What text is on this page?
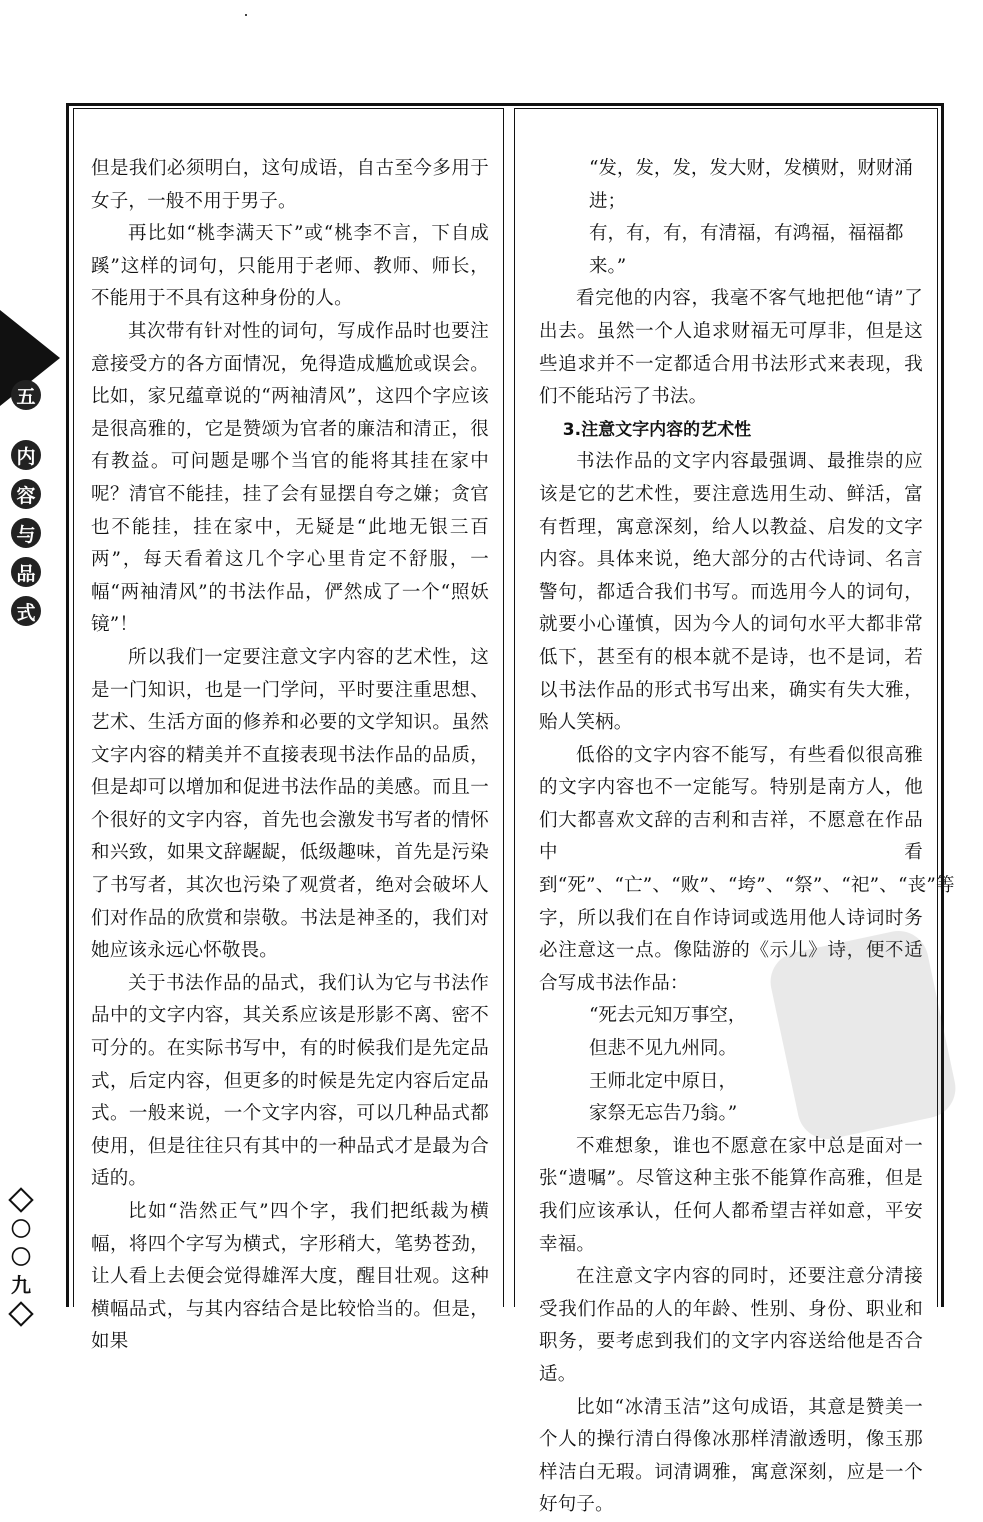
五
内
容
与
品
式
〇
〇
九

但是我们必须明白，这句成语，自古至今多用于女子，一般不用于男子。

再比如“桃李满天下”或“桃李不言，下自成蹊”这样的词句，只能用于老师、教师、师长，不能用于不具有这种身份的人。

其次带有针对性的词句，写成作品时也要注意接受方的各方面情况，免得造成尴尬或误会。比如，家兄蕴章说的“两袖清风”，这四个字应该是很高雅的，它是赞颂为官者的廉洁和清正，很有教益。可问题是哪个当官的能将其挂在家中呢？清官不能挂，挂了会有显摆自夸之嫌；贪官也不能挂，挂在家中，无疑是“此地无银三百两”，每天看着这几个字心里肯定不舒服，一幅“两袖清风”的书法作品，俨然成了一个“照妖镜”！

所以我们一定要注意文字内容的艺术性，这是一门知识，也是一门学问，平时要注重思想、艺术、生活方面的修养和必要的文学知识。虽然文字内容的精美并不直接表现书法作品的品质，但是却可以增加和促进书法作品的美感。而且一个很好的文字内容，首先也会激发书写者的情怀和兴致，如果文辞龌龊，低级趣味，首先是污染了书写者，其次也污染了观赏者，绝对会破坏人们对作品的欣赏和崇敬。书法是神圣的，我们对她应该永远心怀敬畏。

关于书法作品的品式，我们认为它与书法作品中的文字内容，其关系应该是形影不离、密不可分的。在实际书写中，有的时候我们是先定品式，后定内容，但更多的时候是先定内容后定品式。一般来说，一个文字内容，可以几种品式都使用，但是往往只有其中的一种品式才是最为合适的。

比如“浩然正气”四个字，我们把纸裁为横幅，将四个字写为横式，字形稍大，笔势苍劲，让人看上去便会觉得雄浑大度，醒目壮观。这种横幅品式，与其内容结合是比较恰当的。但是，如果

“发，发，发，发大财，发横财，财财涌进；

有，有，有，有清福，有鸿福，福福都来。”

看完他的内容，我毫不客气地把他“请”了出去。虽然一个人追求财福无可厚非，但是这些追求并不一定都适合用书法形式来表现，我们不能玷污了书法。

3.注意文字内容的艺术性

书法作品的文字内容最强调、最推崇的应该是它的艺术性，要注意选用生动、鲜活，富有哲理，寓意深刻，给人以教益、启发的文字内容。具体来说，绝大部分的古代诗词、名言警句，都适合我们书写。而选用今人的词句，就要小心谨慎，因为今人的词句水平大都非常低下，甚至有的根本就不是诗，也不是词，若以书法作品的形式书写出来，确实有失大雅，贻人笑柄。

低俗的文字内容不能写，有些看似很高雅的文字内容也不一定能写。特别是南方人，他们大都喜欢文辞的吉利和吉祥，不愿意在作品中看到“死”、“亡”、“败”、“垮”、“祭”、“祀”、“丧”等字，所以我们在自作诗词或选用他人诗词时务必注意这一点。像陆游的《示儿》诗，便不适合写成书法作品：

“死去元知万事空，

但悲不见九州同。

王师北定中原日，

家祭无忘告乃翁。”

不难想象，谁也不愿意在家中总是面对一张“遗嘱”。尽管这种主张不能算作高雅，但是我们应该承认，任何人都希望吉祥如意，平安幸福。

在注意文字内容的同时，还要注意分清接受我们作品的人的年龄、性别、身份、职业和职务，要考虑到我们的文字内容送给他是否合适。

比如“冰清玉洁”这句成语，其意是赞美一个人的操行清白得像冰那样清澈透明，像玉那样洁白无瑕。词清调雅，寓意深刻，应是一个好句子。
